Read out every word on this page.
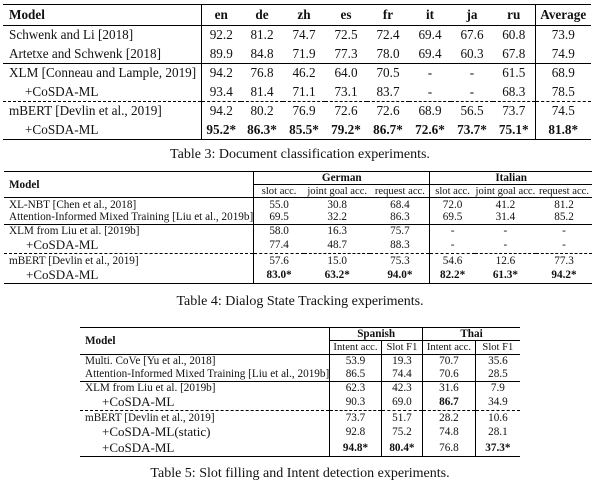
Model	en	de	zh	es	fr	it	ja	ru	Average
Schwenk and Li [2018]	92.2	81.2	74.7	72.5	72.4	69.4	67.6	60.8	73.9
Artetxe and Schwenk [2018]	89.9	84.8	71.9	77.3	78.0	69.4	60.3	67.8	74.9
XLM [Conneau and Lample, 2019]	94.2	76.8	46.2	64.0	70.5	-	-	61.5	68.9
+CoSDA-ML	93.4	81.4	71.1	73.1	83.7	-	-	68.3	78.5
mBERT [Devlin et al., 2019]	94.2	80.2	76.9	72.6	72.6	68.9	56.5	73.7	74.5
+CoSDA-ML	95.2*	86.3*	85.5*	79.2*	86.7*	72.6*	73.7*	75.1*	81.8*
Table 3: Document classification experiments.
Model	German			Italian		
	slot acc.	joint goal acc.	request acc.	slot acc.	joint goal acc.	request acc.
XL-NBT [Chen et al., 2018]	55.0	30.8	68.4	72.0	41.2	81.2
Attention-Informed Mixed Training [Liu et al., 2019b]	69.5	32.2	86.3	69.5	31.4	85.2
XLM from Liu et al. [2019b]	58.0	16.3	75.7	-	-	-
+CoSDA-ML	77.4	48.7	88.3	-	-	-
mBERT [Devlin et al., 2019]	57.6	15.0	75.3	54.6	12.6	77.3
+CoSDA-ML	83.0*	63.2*	94.0*	82.2*	61.3*	94.2*
Table 4: Dialog State Tracking experiments.
Model	Spanish		Thai	
	Intent acc.	Slot F1	Intent acc.	Slot F1
Multi. CoVe [Yu et al., 2018]	53.9	19.3	70.7	35.6
Attention-Informed Mixed Training [Liu et al., 2019b]	86.5	74.4	70.6	28.5
XLM from Liu et al. [2019b]	62.3	42.3	31.6	7.9
+CoSDA-ML	90.3	69.0	86.7	34.9
mBERT [Devlin et al., 2019]	73.7	51.7	28.2	10.6
+CoSDA-ML(static)	92.8	75.2	74.8	28.1
+CoSDA-ML	94.8*	80.4*	76.8	37.3*
Table 5: Slot filling and Intent detection experiments.
